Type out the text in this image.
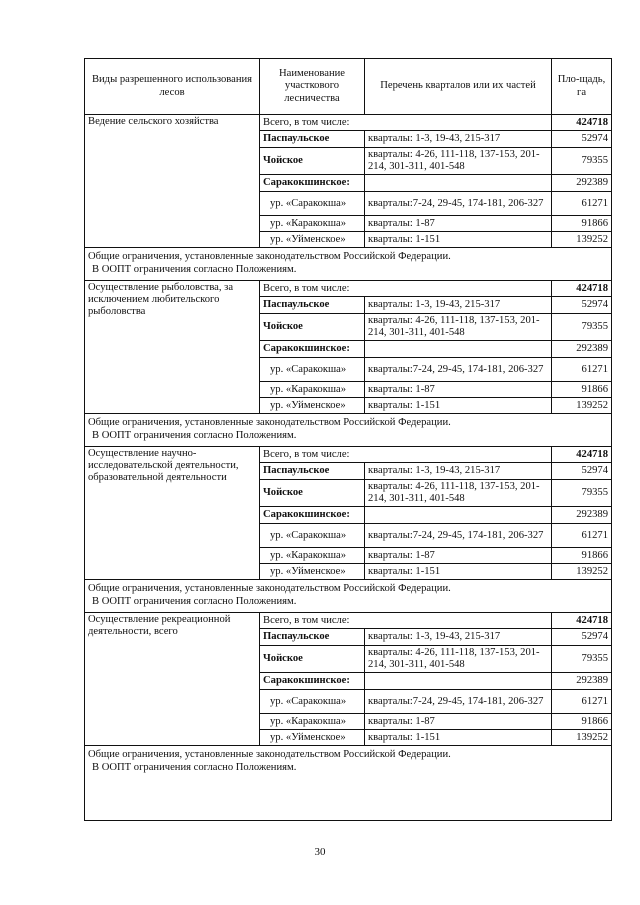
Виды разрешенного использования лесов	Наименование участкового лесничества	Перечень кварталов или их частей	Пло-щадь, га
Ведение сельского хозяйства	Всего, в том числе:		424718
	Паспаульское	кварталы: 1-3, 19-43, 215-317	52974
	Чойское	кварталы: 4-26, 111-118, 137-153, 201-214, 301-311, 401-548	79355
	Саракокшинское:		292389
	ур. «Саракокша»	кварталы:7-24, 29-45, 174-181, 206-327	61271
	ур. «Каракокша»	кварталы: 1-87	91866
	ур. «Уйменское»	кварталы: 1-151	139252

Общие ограничения, установленные законодательством Российской Федерации.
В ООПТ ограничения согласно Положениям.			

Осуществление рыболовства, за исключением любительского рыболовства	Всего, в том числе:		424718
	Паспаульское	кварталы: 1-3, 19-43, 215-317	52974
	Чойское	кварталы: 4-26, 111-118, 137-153, 201-214, 301-311, 401-548	79355
	Саракокшинское:		292389
	ур. «Саракокша»	кварталы:7-24, 29-45, 174-181, 206-327	61271
	ур. «Каракокша»	кварталы: 1-87	91866
	ур. «Уйменское»	кварталы: 1-151	139252

Общие ограничения, установленные законодательством Российской Федерации.
В ООПТ ограничения согласно Положениям.			

Осуществление научно-исследовательской деятельности, образовательной деятельности	Всего, в том числе:		424718
	Паспаульское	кварталы: 1-3, 19-43, 215-317	52974
	Чойское	кварталы: 4-26, 111-118, 137-153, 201-214, 301-311, 401-548	79355
	Саракокшинское:		292389
	ур. «Саракокша»	кварталы:7-24, 29-45, 174-181, 206-327	61271
	ур. «Каракокша»	кварталы: 1-87	91866
	ур. «Уйменское»	кварталы: 1-151	139252

Общие ограничения, установленные законодательством Российской Федерации.
В ООПТ ограничения согласно Положениям.			

Осуществление рекреационной деятельности, всего	Всего, в том числе:		424718
	Паспаульское	кварталы: 1-3, 19-43, 215-317	52974
	Чойское	кварталы: 4-26, 111-118, 137-153, 201-214, 301-311, 401-548	79355
	Саракокшинское:		292389
	ур. «Саракокша»	кварталы:7-24, 29-45, 174-181, 206-327	61271
	ур. «Каракокша»	кварталы: 1-87	91866
	ур. «Уйменское»	кварталы: 1-151	139252

Общие ограничения, установленные законодательством Российской Федерации.
В ООПТ ограничения согласно Положениям.			
30
